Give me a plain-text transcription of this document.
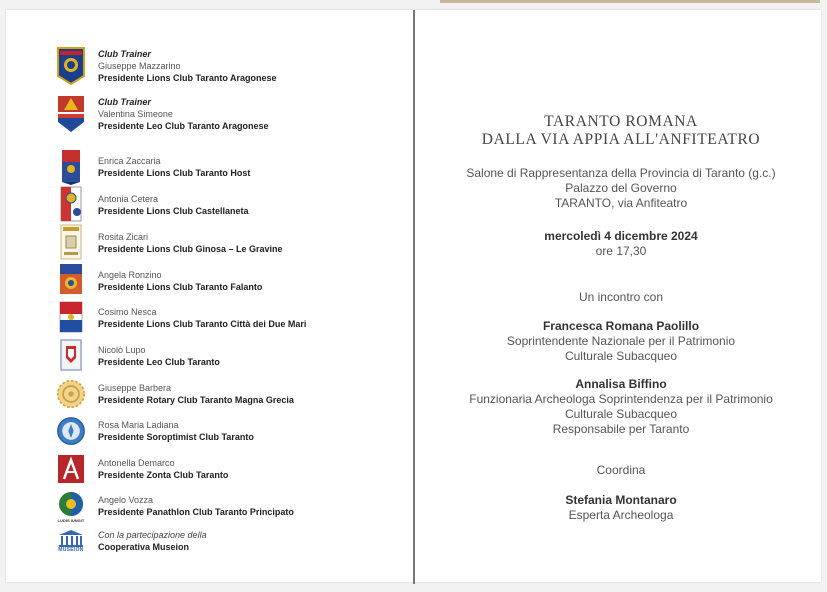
Club Trainer
Giuseppe Mazzarino
Presidente Lions Club Taranto Aragonese
Club Trainer
Valentina Simeone
Presidente Leo Club Taranto Aragonese
Enrica Zaccaria
Presidente Lions Club Taranto Host
Antonia Cetera
Presidente Lions Club Castellaneta
Rosita Zicari
Presidente Lions Club Ginosa – Le Gravine
Angela Ronzino
Presidente Lions Club Taranto Falanto
Cosimo Nesca
Presidente Lions Club Taranto Città dei Due Mari
Nicolò Lupo
Presidente Leo Club Taranto
Giuseppe Barbera
Presidente Rotary Club Taranto Magna Grecia
Rosa Maria Ladiana
Presidente Soroptimist Club Taranto
Antonella Demarco
Presidente Zonta Club Taranto
LUDIS IUNGIT
Angelo Vozza
Presidente Panathlon Club Taranto Principato
MUSEION
Con la partecipazione della
Cooperativa Museion
TARANTO ROMANA
DALLA VIA APPIA ALL'ANFITEATRO
Salone di Rappresentanza della Provincia di Taranto (g.c.)
Palazzo del Governo
TARANTO, via Anfiteatro
mercoledì 4 dicembre 2024
ore 17,30
Un incontro con
Francesca Romana Paolillo
Soprintendente Nazionale per il Patrimonio
Culturale Subacqueo
Annalisa Biffino
Funzionaria Archeologa Soprintendenza per il Patrimonio
Culturale Subacqueo
Responsabile per Taranto
Coordina
Stefania Montanaro
Esperta Archeologa
